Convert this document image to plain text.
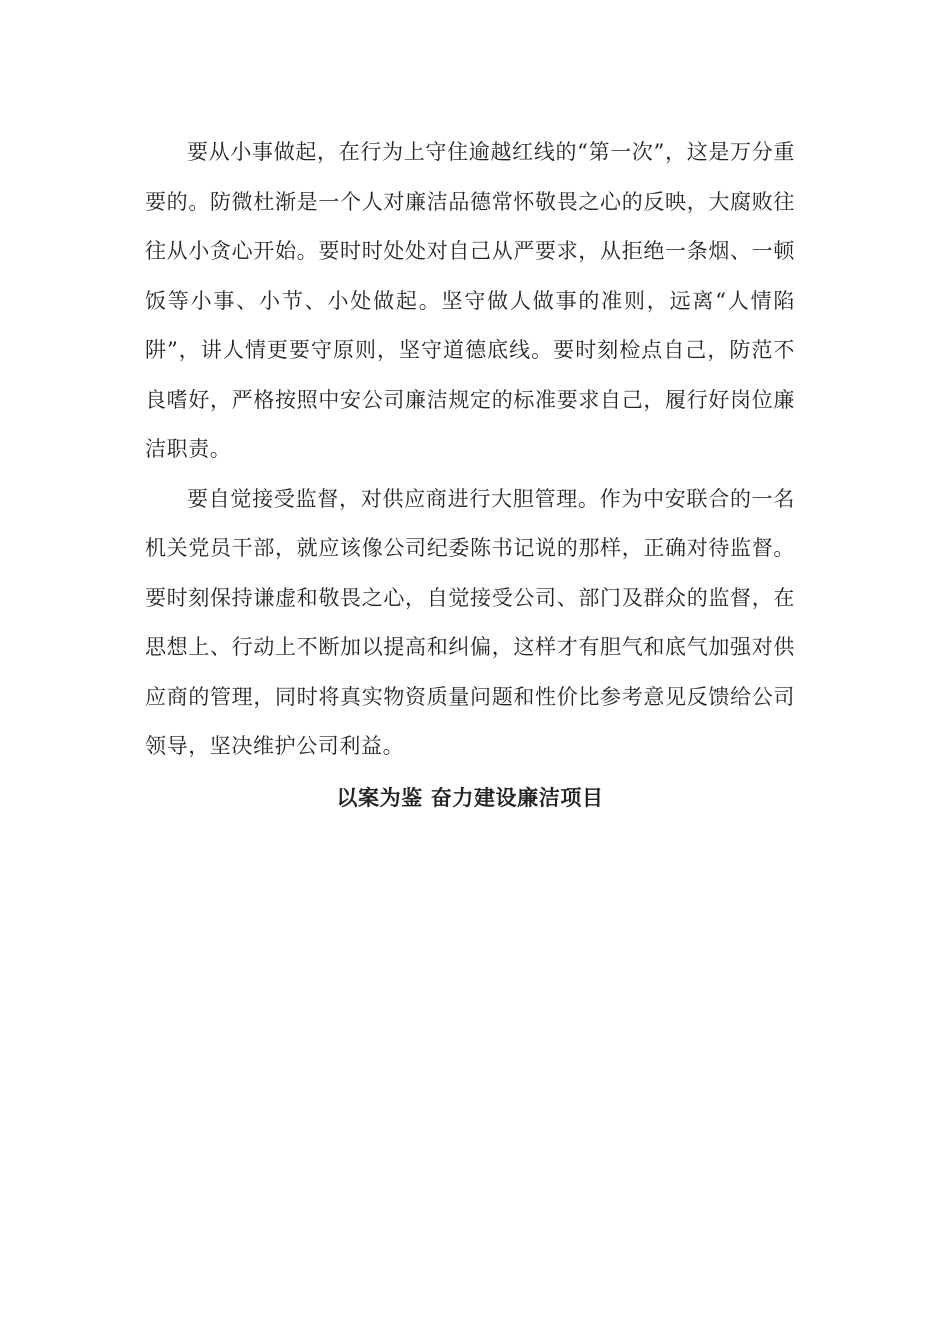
要从小事做起，在行为上守住逾越红线的“第一次”，这是万分重要的。防微杜渐是一个人对廉洁品德常怀敬畏之心的反映，大腐败往往从小贪心开始。要时时处处对自己从严要求，从拒绝一条烟、一顿饭等小事、小节、小处做起。坚守做人做事的准则，远离“人情陷阱”，讲人情更要守原则，坚守道德底线。要时刻检点自己，防范不良嗜好，严格按照中安公司廉洁规定的标准要求自己，履行好岗位廉洁职责。

要自觉接受监督，对供应商进行大胆管理。作为中安联合的一名机关党员干部，就应该像公司纪委陈书记说的那样，正确对待监督。要时刻保持谦虚和敬畏之心，自觉接受公司、部门及群众的监督，在思想上、行动上不断加以提高和纠偏，这样才有胆气和底气加强对供应商的管理，同时将真实物资质量问题和性价比参考意见反馈给公司领导，坚决维护公司利益。

以案为鉴 奋力建设廉洁项目
